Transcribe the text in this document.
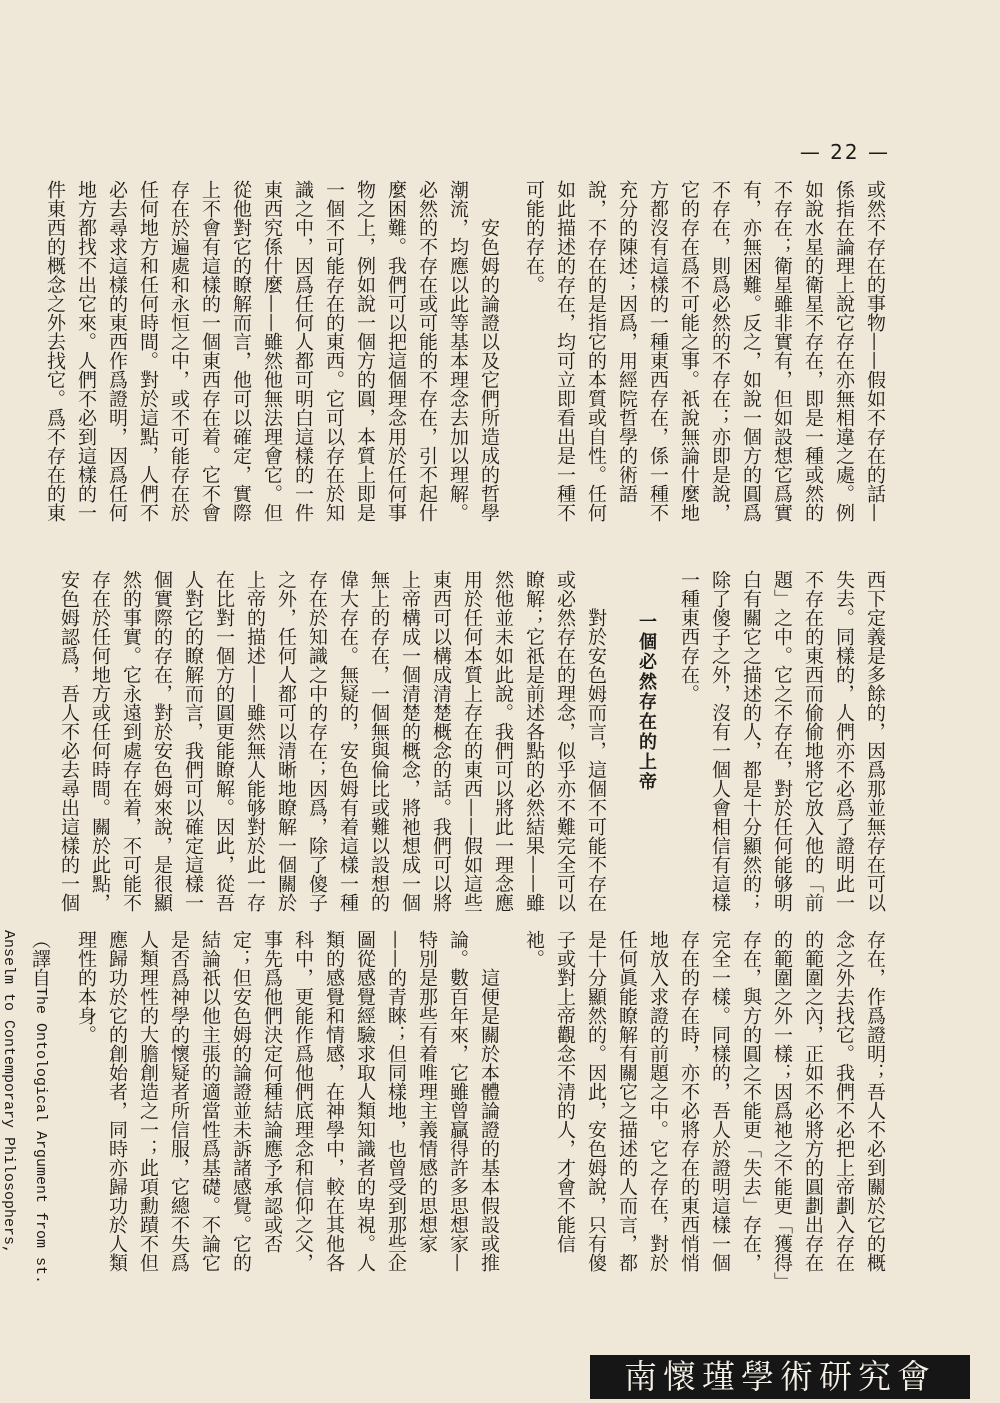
— 22 —
或然不存在的事物——假如不存在的話—係指在論理上說它存在亦無相違之處。例如說水星的衛星不存在，即是一種或然的不存在；衛星雖非實有，但如設想它爲實有，亦無困難。反之，如說一個方的圓爲不存在，則爲必然的不存在；亦即是說，它的存在爲不可能之事。祇說無論什麼地方都沒有這樣的一種東西存在，係一種不充分的陳述；因爲，用經院哲學的術語說，不存在的是指它的本質或自性。任何如此描述的存在，均可立即看出是一種不可能的存在。
安色姆的論證以及它們所造成的哲學潮流，均應以此等基本理念去加以理解。必然的不存在或可能的不存在，引不起什麼困難。我們可以把這個理念用於任何事物之上，例如說一個方的圓，本質上即是一個不可能存在的東西。它可以存在於知識之中，因爲任何人都可明白這樣的一件東西究係什麼——雖然他無法理會它。但從他對它的瞭解而言，他可以確定，實際上不會有這樣的一個東西存在着。它不會存在於遍處和永恒之中，或不可能存在於任何地方和任何時間。對於這點，人們不必去尋求這樣的東西作爲證明，因爲任何地方都找不出它來。人們不必到這樣的一件東西的概念之外去找它。爲不存在的東
西下定義是多餘的，因爲那並無存在可以失去。同樣的，人們亦不必爲了證明此一不存在的東西而偷偷地將它放入他的「前題」之中。它之不存在，對於任何能够明白有關它之描述的人，都是十分顯然的；除了傻子之外，沒有一個人會相信有這樣一種東西存在。
一個必然存在的上帝
對於安色姆而言，這個不可能不存在或必然存在的理念，似乎亦不難完全可以瞭解；它祇是前述各點的必然結果——雖然他並未如此說。我們可以將此一理念應用於任何本質上存在的東西——假如這些東西可以構成清楚概念的話。我們可以將上帝構成一個清楚的概念，將祂想成一個無上的存在，一個無與倫比或難以設想的偉大存在。無疑的，安色姆有着這樣一種存在於知識之中的存在；因爲，除了傻子之外，任何人都可以清晰地瞭解一個關於上帝的描述——雖然無人能够對於此一存在比對一個方的圓更能瞭解。因此，從吾人對它的瞭解而言，我們可以確定這樣一個實際的存在，對於安色姆來說，是很顯然的事實。它永遠到處存在着，不可能不存在於任何地方或任何時間。關於此點，安色姆認爲，吾人不必去尋出這樣的一個
存在，作爲證明；吾人不必到關於它的概念之外去找它。我們不必把上帝劃入存在的範圍之內，正如不必將方的圓劃出存在的範圍之外一樣；因爲祂之不能更「獲得」存在，與方的圓之不能更「失去」存在，完全一樣。同樣的，吾人於證明這樣一個存在的存在時，亦不必將存在的東西悄悄地放入求證的前題之中。它之存在，對於任何眞能瞭解有關它之描述的人而言，都是十分顯然的。因此，安色姆說，只有傻子或對上帝觀念不清的人，才會不能信祂。
這便是關於本體論證的基本假設或推論。數百年來，它雖曾贏得許多思想家—特別是那些有着唯理主義情感的思想家——的青睞；但同樣地，也曾受到那些企圖從感覺經驗求取人類知識者的卑視。人類的感覺和情感，在神學中，較在其他各科中，更能作爲他們底理念和信仰之父，事先爲他們決定何種結論應予承認或否定；但安色姆的論證並未訴諸感覺。它的結論祇以他主張的適當性爲基礎。不論它是否爲神學的懷疑者所信服，它總不失爲人類理性的大膽創造之一；此項勳蹟不但應歸功於它的創始者，同時亦歸功於人類理性的本身。
（譯自The Ontological Argument from st. Anselm to Contemporary Philosophers,
南懷瑾學術研究會
